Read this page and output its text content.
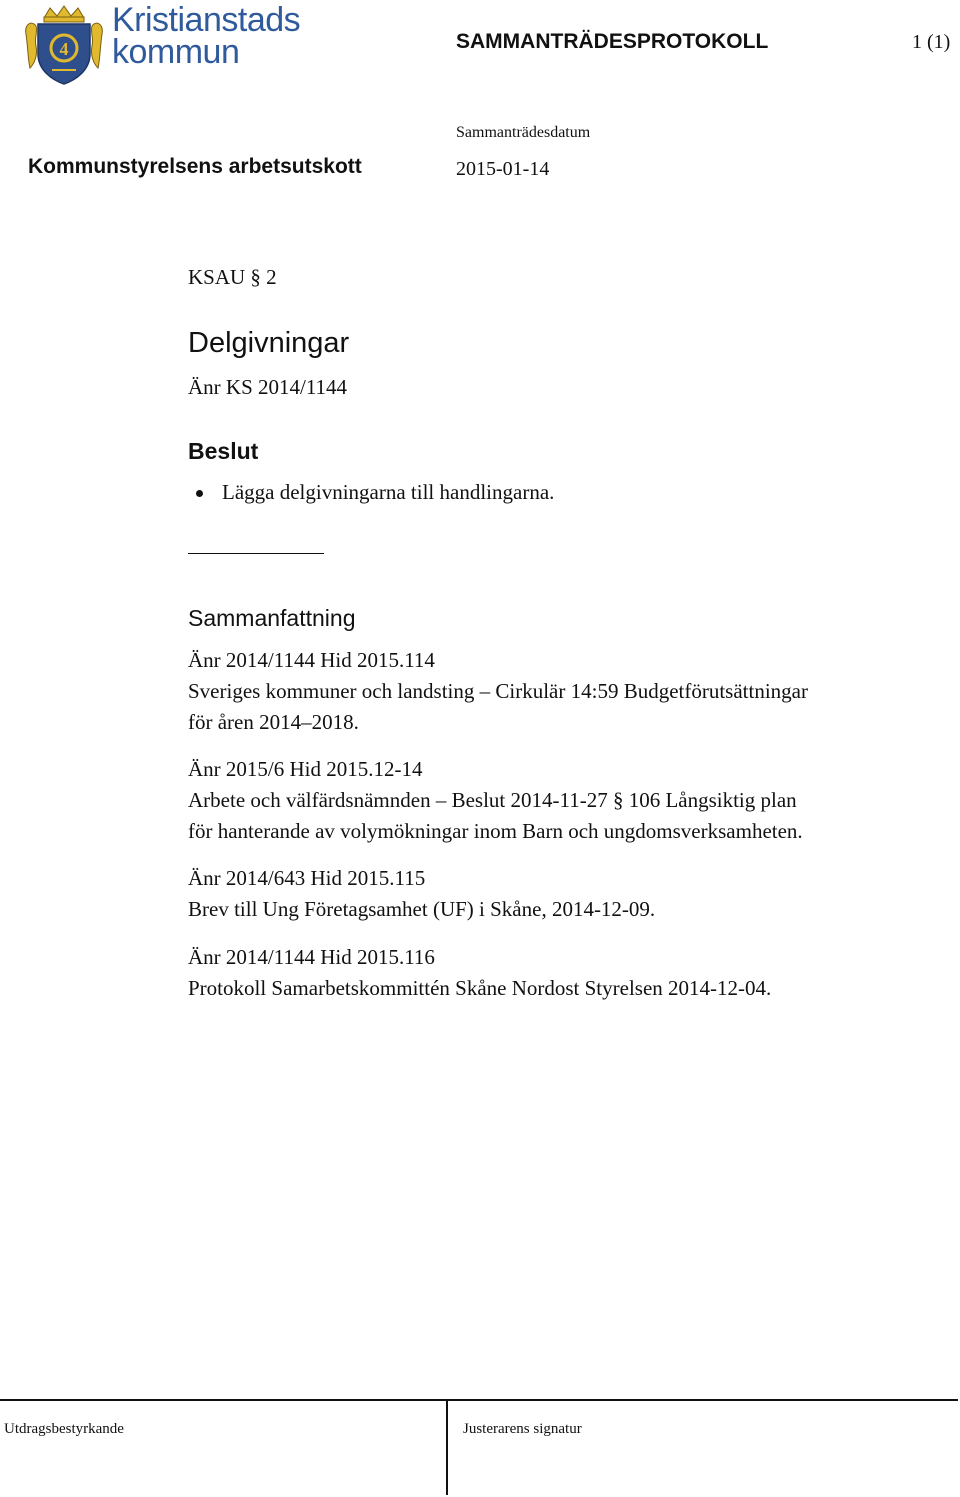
4
Kristianstads
kommun	SAMMANTRÄDESPROTOKOLL	1 (1)
Sammanträdesdatum
Kommunstyrelsens arbetsutskott	2015-01-14
KSAU § 2
Delgivningar
Änr KS 2014/1144
Beslut
Lägga delgivningarna till handlingarna.
Sammanfattning
Änr 2014/1144 Hid 2015.114
Sveriges kommuner och landsting – Cirkulär 14:59 Budgetförutsättningar
för åren 2014–2018.
Änr 2015/6 Hid 2015.12-14
Arbete och välfärdsnämnden – Beslut 2014-11-27 § 106 Långsiktig plan
för hanterande av volymökningar inom Barn och ungdomsverksamheten.
Änr 2014/643 Hid 2015.115
Brev till Ung Företagsamhet (UF) i Skåne, 2014-12-09.
Änr 2014/1144 Hid 2015.116
Protokoll Samarbetskommittén Skåne Nordost Styrelsen 2014-12-04.
Utdragsbestyrkande	Justerarens signatur
